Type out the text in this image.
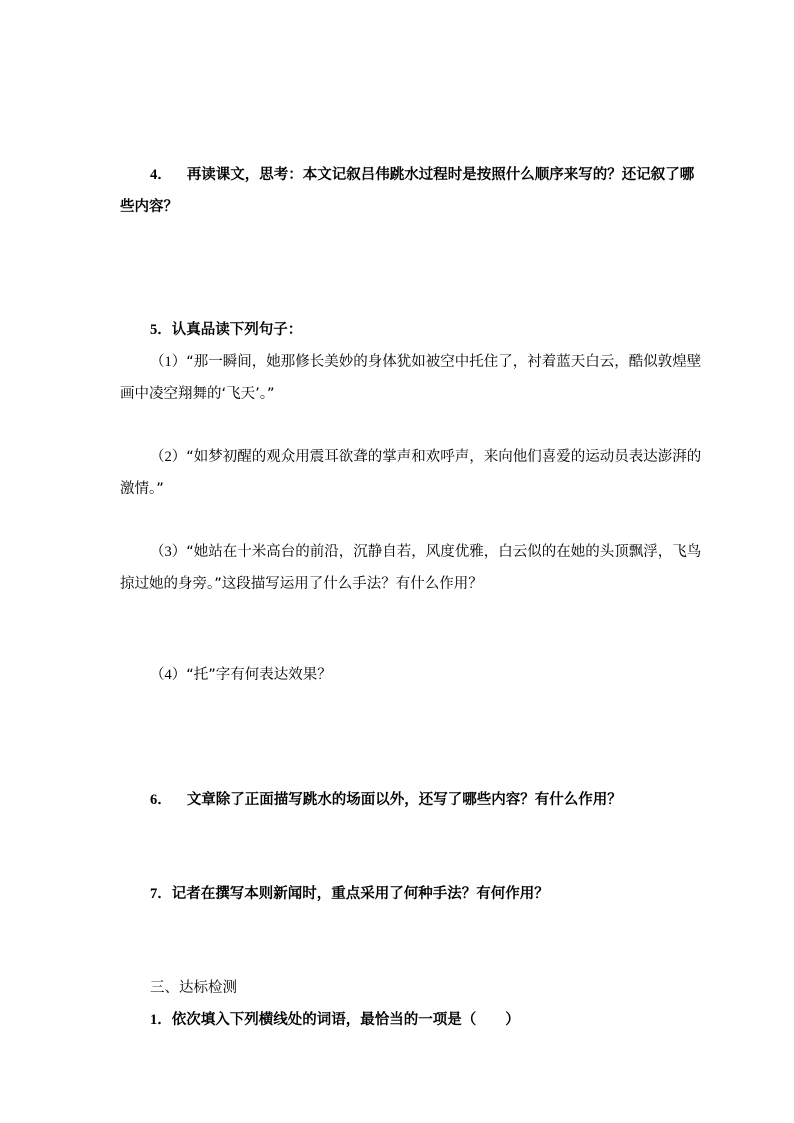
4． 再读课文，思考：本文记叙吕伟跳水过程时是按照什么顺序来写的？还记叙了哪
些内容？
5．认真品读下列句子：
（1）“那一瞬间，她那修长美妙的身体犹如被空中托住了，衬着蓝天白云，酷似敦煌壁
画中凌空翔舞的‘飞天’。”
（2）“如梦初醒的观众用震耳欲聋的掌声和欢呼声，来向他们喜爱的运动员表达澎湃的
激情。”
（3）“她站在十米高台的前沿，沉静自若，风度优雅，白云似的在她的头顶飘浮，飞鸟
掠过她的身旁。”这段描写运用了什么手法？有什么作用？
（4）“托”字有何表达效果？
6． 文章除了正面描写跳水的场面以外，还写了哪些内容？有什么作用？
7．记者在撰写本则新闻时，重点采用了何种手法？有何作用？
三、达标检测
1．依次填入下列横线处的词语，最恰当的一项是（　　）
